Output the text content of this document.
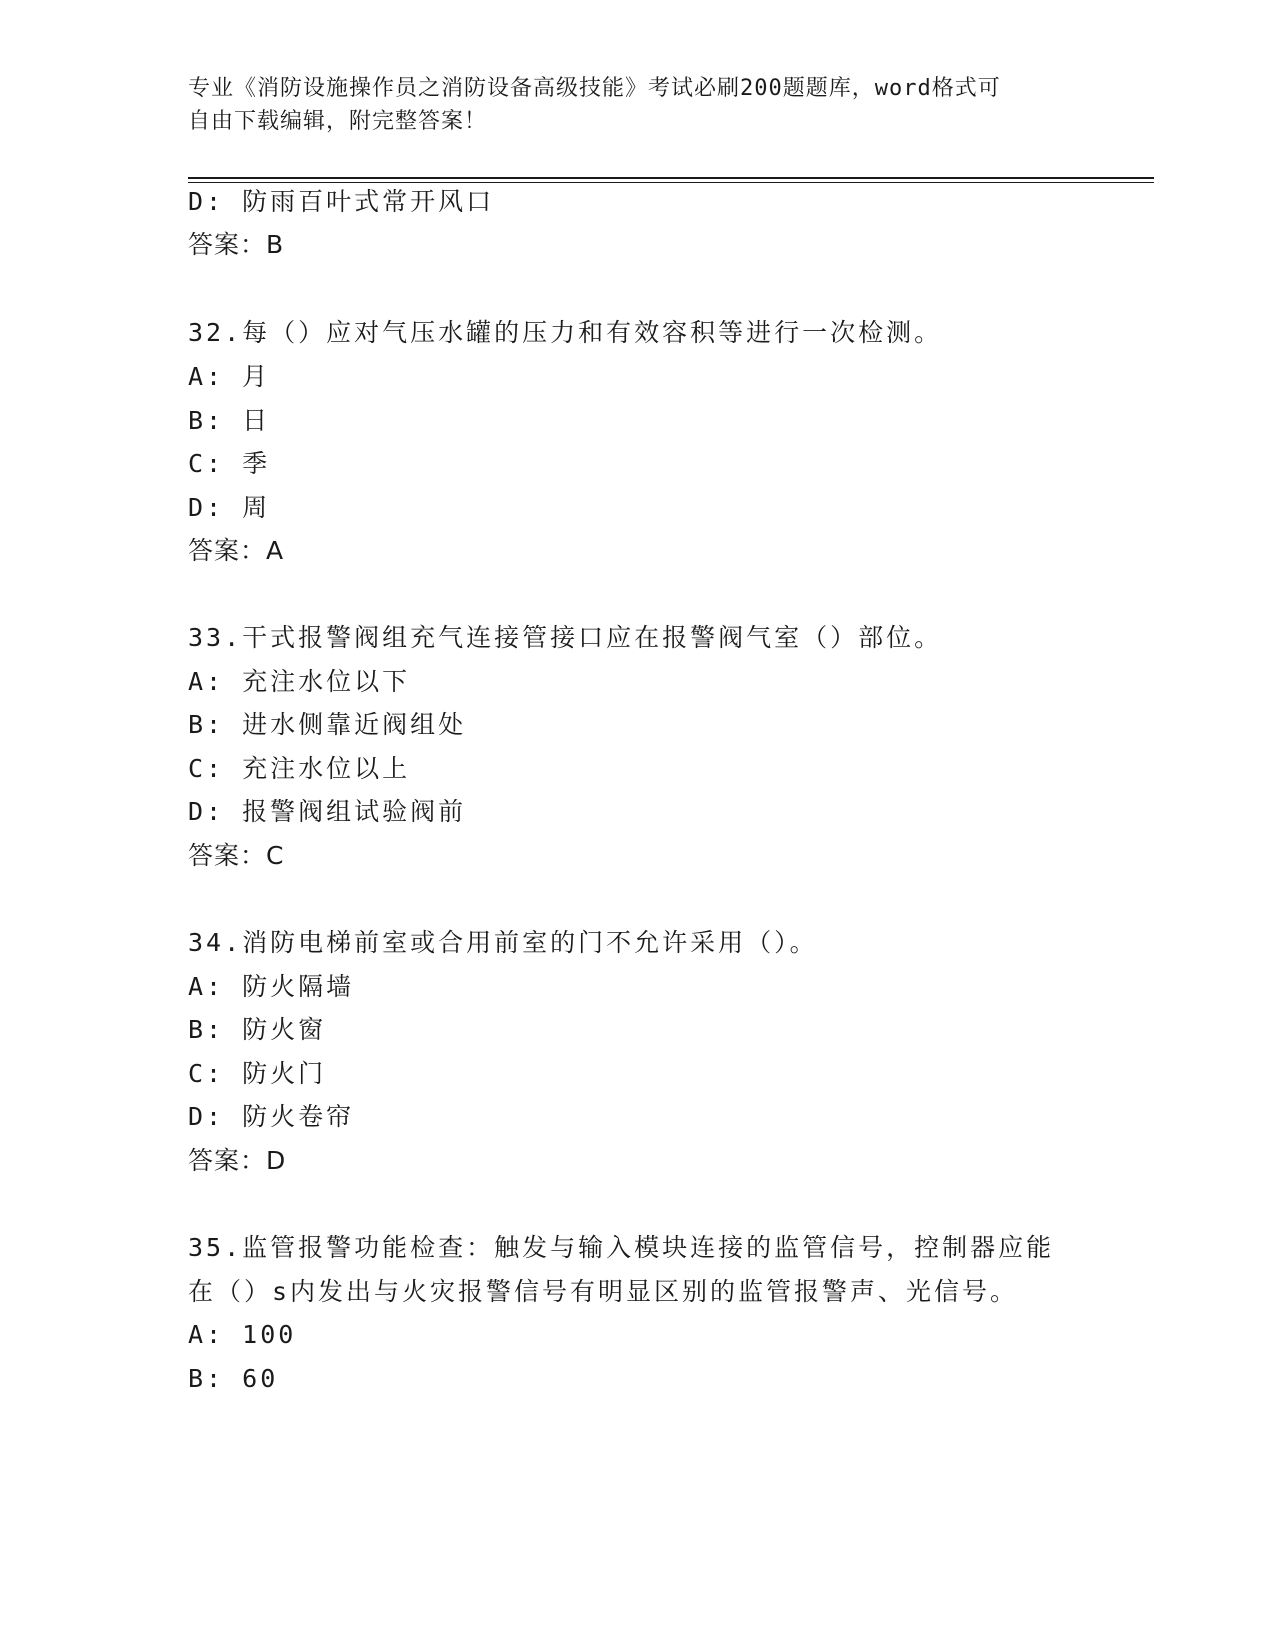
专业《消防设施操作员之消防设备高级技能》考试必刷200题题库，word格式可
自由下载编辑，附完整答案！
D: 防雨百叶式常开风口
答案：B
32.每（）应对气压水罐的压力和有效容积等进行一次检测。
A: 月
B: 日
C: 季
D: 周
答案：A
33.干式报警阀组充气连接管接口应在报警阀气室（）部位。
A: 充注水位以下
B: 进水侧靠近阀组处
C: 充注水位以上
D: 报警阀组试验阀前
答案：C
34.消防电梯前室或合用前室的门不允许采用（）。
A: 防火隔墙
B: 防火窗
C: 防火门
D: 防火卷帘
答案：D
35.监管报警功能检查：触发与输入模块连接的监管信号，控制器应能
在（）s内发出与火灾报警信号有明显区别的监管报警声、光信号。
A: 100
B: 60
